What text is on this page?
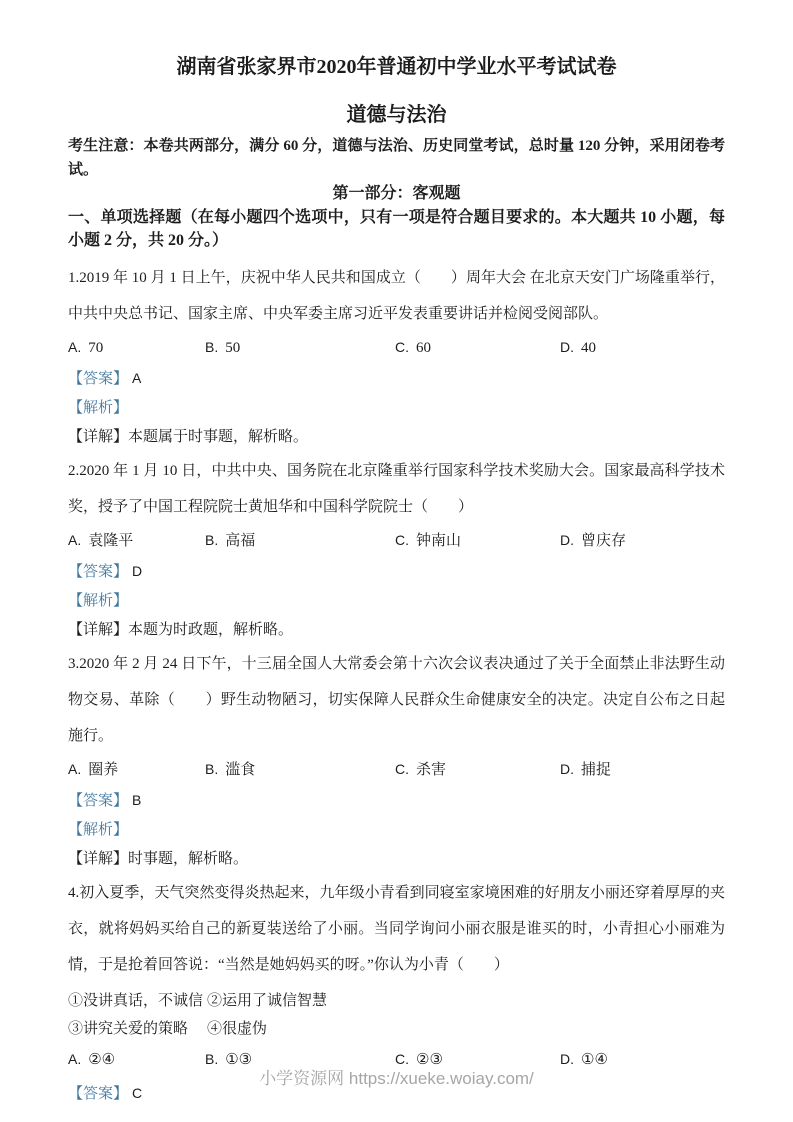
湖南省张家界市2020年普通初中学业水平考试试卷
道德与法治

考生注意：本卷共两部分，满分 60 分，道德与法治、历史同堂考试，总时量 120 分钟，采用闭卷考试。

第一部分：客观题

一、单项选择题（在每小题四个选项中，只有一项是符合题目要求的。本大题共 10 小题，每小题 2 分，共 20 分。）

1.2019 年 10 月 1 日上午，庆祝中华人民共和国成立（　　）周年大会 在北京天安门广场隆重举行，中共中央总书记、国家主席、中央军委主席习近平发表重要讲话并检阅受阅部队。

A. 70	B. 50	C. 60	D. 40

【答案】 A

【解析】

【详解】本题属于时事题，解析略。

2.2020 年 1 月 10 日，中共中央、国务院在北京隆重举行国家科学技术奖励大会。国家最高科学技术奖，授予了中国工程院院士黄旭华和中国科学院院士（　　）

A. 袁隆平	B. 高福	C. 钟南山	D. 曾庆存

【答案】 D

【解析】

【详解】本题为时政题，解析略。

3.2020 年 2 月 24 日下午，十三届全国人大常委会第十六次会议表决通过了关于全面禁止非法野生动物交易、革除（　　）野生动物陋习，切实保障人民群众生命健康安全的决定。决定自公布之日起施行。

A. 圈养	B. 滥食	C. 杀害	D. 捕捉

【答案】 B

【解析】

【详解】时事题，解析略。

4.初入夏季，天气突然变得炎热起来，九年级小青看到同寝室家境困难的好朋友小丽还穿着厚厚的夹衣，就将妈妈买给自己的新夏装送给了小丽。当同学询问小丽衣服是谁买的时，小青担心小丽难为情，于是抢着回答说：“当然是她妈妈买的呀。”你认为小青（　　）

①没讲真话，不诚信 ②运用了诚信智慧
③讲究关爱的策略	④很虚伪
A. ②④	B. ①③	C. ②③	D. ①④

【答案】 C

小学资源网 https://xueke.woiay.com/
